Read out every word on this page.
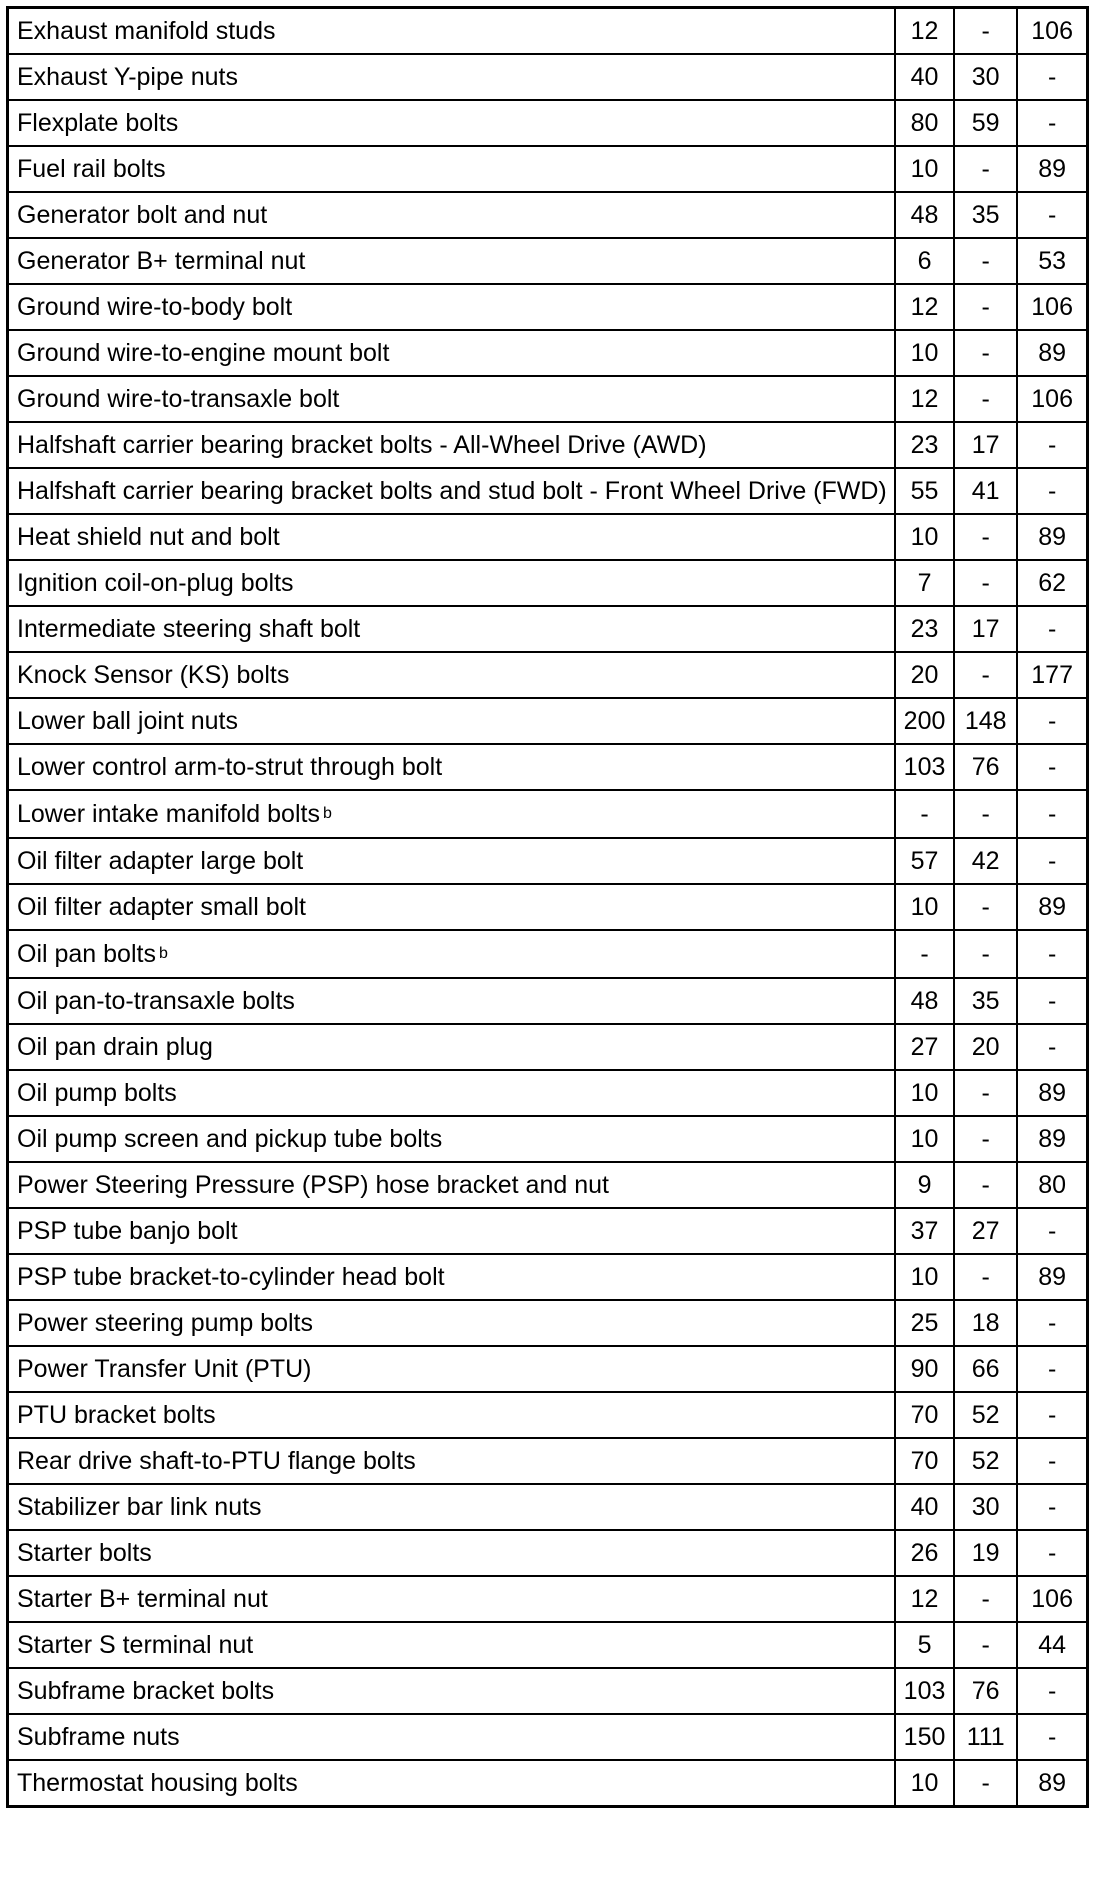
Exhaust manifold studs	12	-	106
Exhaust Y-pipe nuts	40	30	-
Flexplate bolts	80	59	-
Fuel rail bolts	10	-	89
Generator bolt and nut	48	35	-
Generator B+ terminal nut	6	-	53
Ground wire-to-body bolt	12	-	106
Ground wire-to-engine mount bolt	10	-	89
Ground wire-to-transaxle bolt	12	-	106
Halfshaft carrier bearing bracket bolts - All-Wheel Drive (AWD)	23	17	-
Halfshaft carrier bearing bracket bolts and stud bolt - Front Wheel Drive (FWD)	55	41	-
Heat shield nut and bolt	10	-	89
Ignition coil-on-plug bolts	7	-	62
Intermediate steering shaft bolt	23	17	-
Knock Sensor (KS) bolts	20	-	177
Lower ball joint nuts	200	148	-
Lower control arm-to-strut through bolt	103	76	-
Lower intake manifold bolts $^b$	-	-	-
Oil filter adapter large bolt	57	42	-
Oil filter adapter small bolt	10	-	89
Oil pan bolts $^b$	-	-	-
Oil pan-to-transaxle bolts	48	35	-
Oil pan drain plug	27	20	-
Oil pump bolts	10	-	89
Oil pump screen and pickup tube bolts	10	-	89
Power Steering Pressure (PSP) hose bracket and nut	9	-	80
PSP tube banjo bolt	37	27	-
PSP tube bracket-to-cylinder head bolt	10	-	89
Power steering pump bolts	25	18	-
Power Transfer Unit (PTU)	90	66	-
PTU bracket bolts	70	52	-
Rear drive shaft-to-PTU flange bolts	70	52	-
Stabilizer bar link nuts	40	30	-
Starter bolts	26	19	-
Starter B+ terminal nut	12	-	106
Starter S terminal nut	5	-	44
Subframe bracket bolts	103	76	-
Subframe nuts	150	111	-
Thermostat housing bolts	10	-	89
